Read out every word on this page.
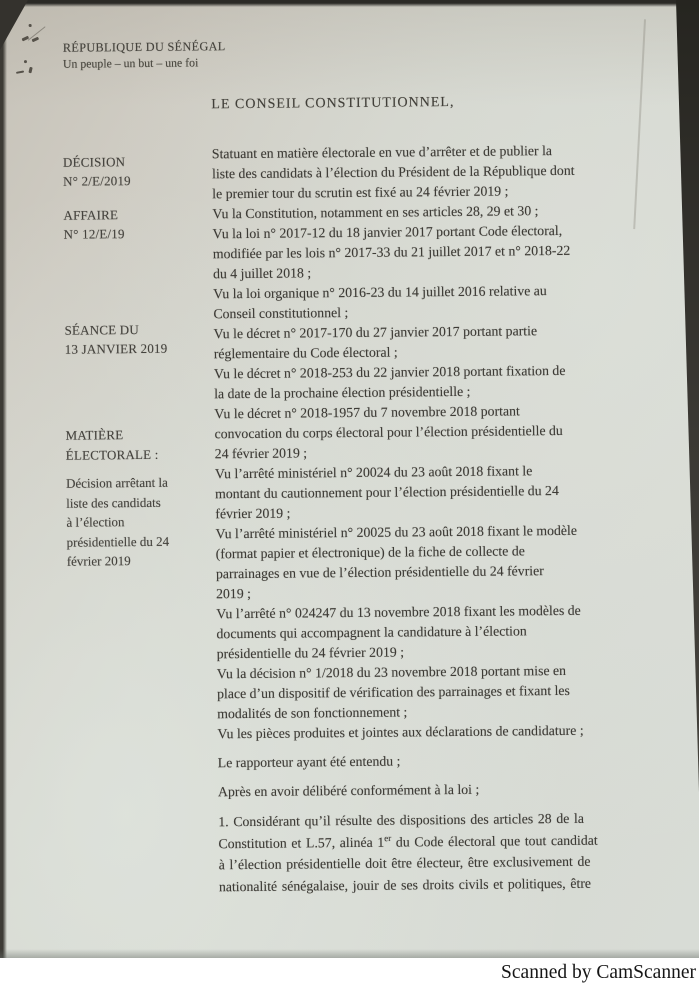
RÉPUBLIQUE DU SÉNÉGAL
Un peuple – un but – une foi
LE CONSEIL CONSTITUTIONNEL,
DÉCISION
N° 2/E/2019
AFFAIRE
N° 12/E/19
SÉANCE DU
13 JANVIER 2019
MATIÈRE
ÉLECTORALE :
Décision arrêtant la
liste des candidats
à l’élection
présidentielle du 24
février 2019

Statuant en matière électorale en vue d’arrêter et de publier la
liste des candidats à l’élection du Président de la République dont
le premier tour du scrutin est fixé au 24 février 2019 ;

Vu la Constitution, notamment en ses articles 28, 29 et 30 ;

Vu la loi n° 2017-12 du 18 janvier 2017 portant Code électoral,
modifiée par les lois n° 2017-33 du 21 juillet 2017 et n° 2018-22
du 4 juillet 2018 ;

Vu la loi organique n° 2016-23 du 14 juillet 2016 relative au
Conseil constitutionnel ;

Vu le décret n° 2017-170 du 27 janvier 2017 portant partie
réglementaire du Code électoral ;

Vu le décret n° 2018-253 du 22 janvier 2018 portant fixation de
la date de la prochaine élection présidentielle ;

Vu le décret n° 2018-1957 du 7 novembre 2018 portant
convocation du corps électoral pour l’élection présidentielle du
24 février 2019 ;

Vu l’arrêté ministériel n° 20024 du 23 août 2018 fixant le
montant du cautionnement pour l’élection présidentielle du 24
février 2019 ;

Vu l’arrêté ministériel n° 20025 du 23 août 2018 fixant le modèle
(format papier et électronique) de la fiche de collecte de
parrainages en vue de l’élection présidentielle du 24 février
2019 ;

Vu l’arrêté n° 024247 du 13 novembre 2018 fixant les modèles de
documents qui accompagnent la candidature à l’élection
présidentielle du 24 février 2019 ;

Vu la décision n° 1/2018 du 23 novembre 2018 portant mise en
place d’un dispositif de vérification des parrainages et fixant les
modalités de son fonctionnement ;

Vu les pièces produites et jointes aux déclarations de candidature ;

Le rapporteur ayant été entendu ;

Après en avoir délibéré conformément à la loi ;

1. Considérant qu’il résulte des dispositions des articles 28 de la
Constitution et L.57, alinéa 1er du Code électoral que tout candidat
à l’élection présidentielle doit être électeur, être exclusivement de
nationalité sénégalaise, jouir de ses droits civils et politiques, être

Scanned by CamScanner
